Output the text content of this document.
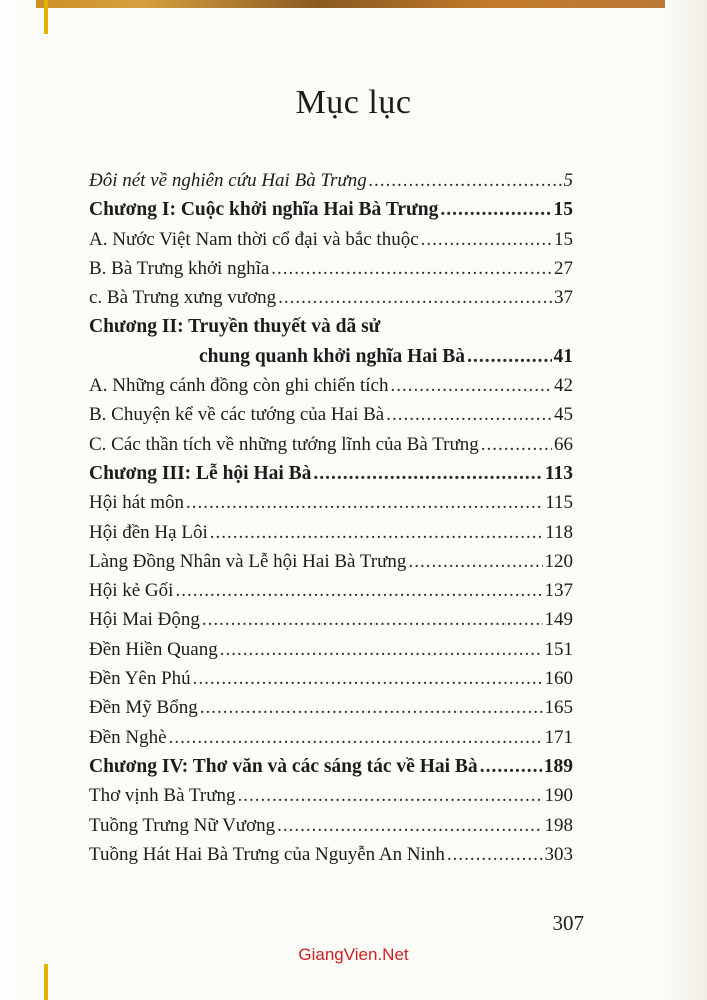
Mục lục
Đôi nét về nghiên cứu Hai Bà Trưng .....	5
Chương I: Cuộc khởi nghĩa Hai Bà Trưng .....	15
A. Nước Việt Nam thời cổ đại và bắc thuộc .....	15
B. Bà Trưng khởi nghĩa .....	27
c. Bà Trưng xưng vương .....	37
Chương II: Truyền thuyết và dã sử
chung quanh khởi nghĩa Hai Bà .....	41
A. Những cánh đồng còn ghi chiến tích .....	42
B. Chuyện kể về các tướng của Hai Bà .....	45
C. Các thần tích về những tướng lĩnh của Bà Trưng .....	66
Chương III: Lễ hội Hai Bà .....	113
Hội hát môn .....	115
Hội đền Hạ Lôi .....	118
Làng Đồng Nhân và Lễ hội Hai Bà Trưng .....	120
Hội kẻ Gối .....	137
Hội Mai Động .....	149
Đền Hiền Quang .....	151
Đền Yên Phú .....	160
Đền Mỹ Bổng .....	165
Đền Nghè .....	171
Chương IV: Thơ văn và các sáng tác về Hai Bà .....	189
Thơ vịnh Bà Trưng .....	190
Tuồng Trưng Nữ Vương .....	198
Tuồng Hát Hai Bà Trưng của Nguyễn An Ninh .....	303
307
GiangVien.Net
